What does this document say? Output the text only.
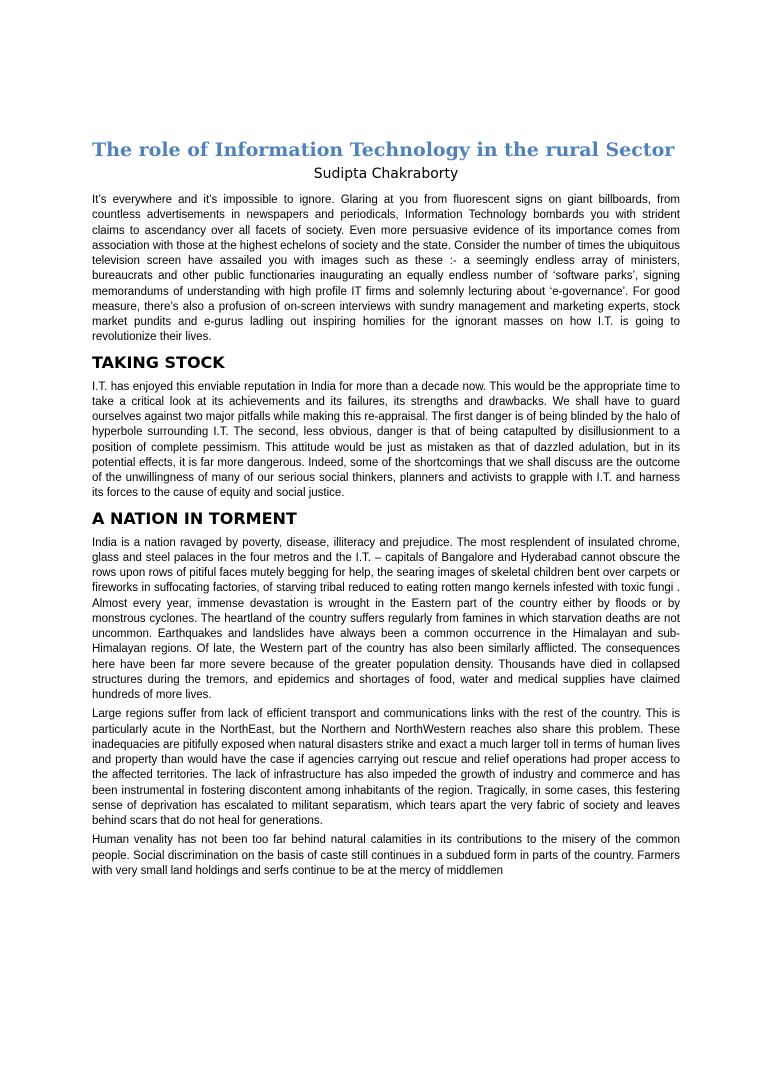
The role of Information Technology in the rural Sector
Sudipta Chakraborty

It’s everywhere and it’s impossible to ignore. Glaring at you from fluorescent signs on giant billboards, from countless advertisements in newspapers and periodicals, Information Technology bombards you with strident claims to ascendancy over all facets of society. Even more persuasive evidence of its importance comes from association with those at the highest echelons of society and the state. Consider the number of times the ubiquitous television screen have assailed you with images such as these :- a seemingly endless array of ministers, bureaucrats and other public functionaries inaugurating an equally endless number of ‘software parks’, signing memorandums of understanding with high profile IT firms and solemnly lecturing about ‘e-governance’. For good measure, there’s also a profusion of on-screen interviews with sundry management and marketing experts, stock market pundits and e-gurus ladling out inspiring homilies for the ignorant masses on how I.T. is going to revolutionize their lives.

TAKING STOCK

I.T. has enjoyed this enviable reputation in India for more than a decade now. This would be the appropriate time to take a critical look at its achievements and its failures, its strengths and drawbacks. We shall have to guard ourselves against two major pitfalls while making this re-appraisal. The first danger is of being blinded by the halo of hyperbole surrounding I.T. The second, less obvious, danger is that of being catapulted by disillusionment to a position of complete pessimism. This attitude would be just as mistaken as that of dazzled adulation, but in its potential effects, it is far more dangerous. Indeed, some of the shortcomings that we shall discuss are the outcome of the unwillingness of many of our serious social thinkers, planners and activists to grapple with I.T. and harness its forces to the cause of equity and social justice.

A NATION IN TORMENT

India is a nation ravaged by poverty, disease, illiteracy and prejudice. The most resplendent of insulated chrome, glass and steel palaces in the four metros and the I.T. – capitals of Bangalore and Hyderabad cannot obscure the rows upon rows of pitiful faces mutely begging for help, the searing images of skeletal children bent over carpets or fireworks in suffocating factories, of starving tribal reduced to eating rotten mango kernels infested with toxic fungi . Almost every year, immense devastation is wrought in the Eastern part of the country either by floods or by monstrous cyclones. The heartland of the country suffers regularly from famines in which starvation deaths are not uncommon. Earthquakes and landslides have always been a common occurrence in the Himalayan and sub-Himalayan regions. Of late, the Western part of the country has also been similarly afflicted. The consequences here have been far more severe because of the greater population density. Thousands have died in collapsed structures during the tremors, and epidemics and shortages of food, water and medical supplies have claimed hundreds of more lives.

Large regions suffer from lack of efficient transport and communications links with the rest of the country. This is particularly acute in the NorthEast, but the Northern and NorthWestern reaches also share this problem. These inadequacies are pitifully exposed when natural disasters strike and exact a much larger toll in terms of human lives and property than would have the case if agencies carrying out rescue and relief operations had proper access to the affected territories. The lack of infrastructure has also impeded the growth of industry and commerce and has been instrumental in fostering discontent among inhabitants of the region. Tragically, in some cases, this festering sense of deprivation has escalated to militant separatism, which tears apart the very fabric of society and leaves behind scars that do not heal for generations.

Human venality has not been too far behind natural calamities in its contributions to the misery of the common people. Social discrimination on the basis of caste still continues in a subdued form in parts of the country. Farmers with very small land holdings and serfs continue to be at the mercy of middlemen
